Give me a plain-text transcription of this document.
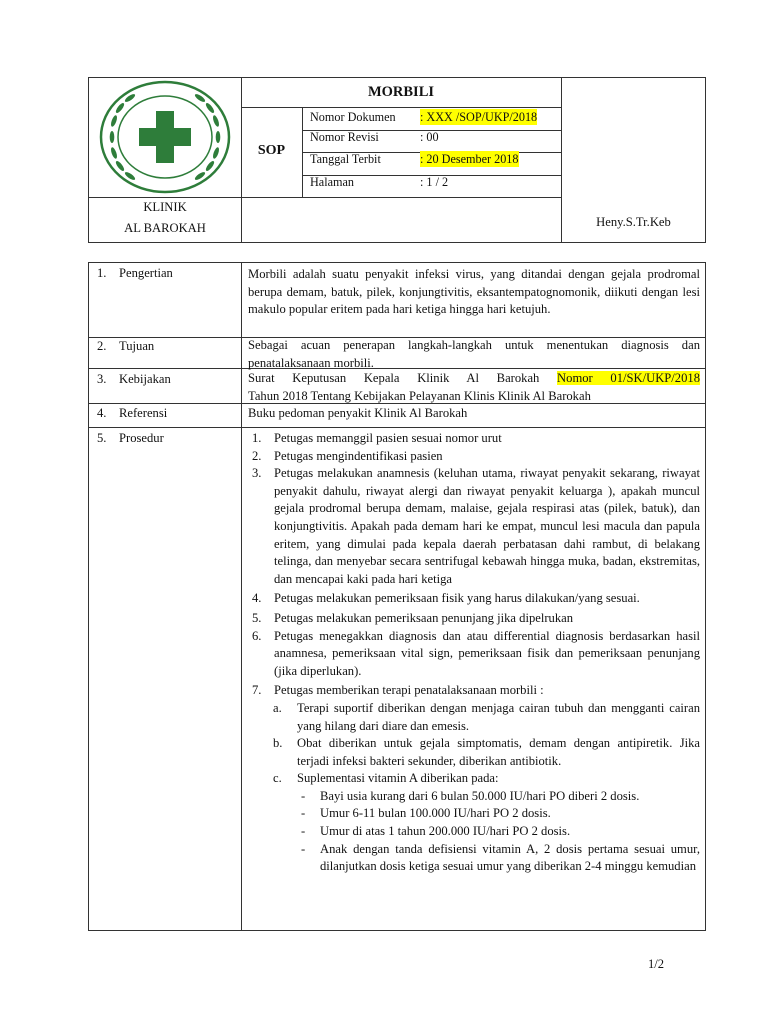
MORBILI
SOP
Nomor Dokumen : XXX /SOP/UKP/2018
Nomor Revisi	: 00
Tanggal Terbit	: 20 Desember 2018
Halaman	: 1 / 2
KLINIK
AL BAROKAH	Heny.S.Tr.Keb
1. Pengertian	Morbili adalah suatu penyakit infeksi virus, yang ditandai dengan gejala prodromal berupa demam, batuk, pilek, konjungtivitis, eksantempatognomonik, diikuti dengan lesi makulo popular eritem pada hari ketiga hingga hari ketujuh.

2. Tujuan	Sebagai acuan penerapan langkah-langkah untuk menentukan diagnosis dan penatalaksanaan morbili.

3. Kebijakan	Surat Keputusan Kepala Klinik Al Barokah Nomor 01/SK/UKP/2018

Tahun 2018 Tentang Kebijakan Pelayanan Klinis Klinik Al Barokah

4. Referensi	Buku pedoman penyakit Klinik Al Barokah

5. Prosedur	1. Petugas memanggil pasien sesuai nomor urut
2. Petugas mengindentifikasi pasien
3. Petugas melakukan anamnesis (keluhan utama, riwayat penyakit sekarang, riwayat penyakit dahulu, riwayat alergi dan riwayat penyakit keluarga ), apakah muncul gejala prodromal berupa demam, malaise, gejala respirasi atas (pilek, batuk), dan konjungtivitis. Apakah pada demam hari ke empat, muncul lesi macula dan papula eritem, yang dimulai pada kepala daerah perbatasan dahi rambut, di belakang telinga, dan menyebar secara sentrifugal kebawah hingga muka, badan, ekstremitas, dan mencapai kaki pada hari ketiga
4. Petugas melakukan pemeriksaan fisik yang harus dilakukan/yang sesuai.
5. Petugas melakukan pemeriksaan penunjang jika dipelrukan
6. Petugas menegakkan diagnosis dan atau differential diagnosis berdasarkan hasil anamnesa, pemeriksaan vital sign, pemeriksaan fisik dan pemeriksaan penunjang (jika diperlukan).
7. Petugas memberikan terapi penatalaksanaan morbili :
a. Terapi suportif diberikan dengan menjaga cairan tubuh dan mengganti cairan yang hilang dari diare dan emesis.
b. Obat diberikan untuk gejala simptomatis, demam dengan antipiretik. Jika terjadi infeksi bakteri sekunder, diberikan antibiotik.
c. Suplementasi vitamin A diberikan pada:
- Bayi usia kurang dari 6 bulan 50.000 IU/hari PO diberi 2 dosis.
- Umur 6-11 bulan 100.000 IU/hari PO 2 dosis.
- Umur di atas 1 tahun 200.000 IU/hari PO 2 dosis.
- Anak dengan tanda defisiensi vitamin A, 2 dosis pertama sesuai umur, dilanjutkan dosis ketiga sesuai umur yang diberikan 2-4 minggu kemudian
1/2
